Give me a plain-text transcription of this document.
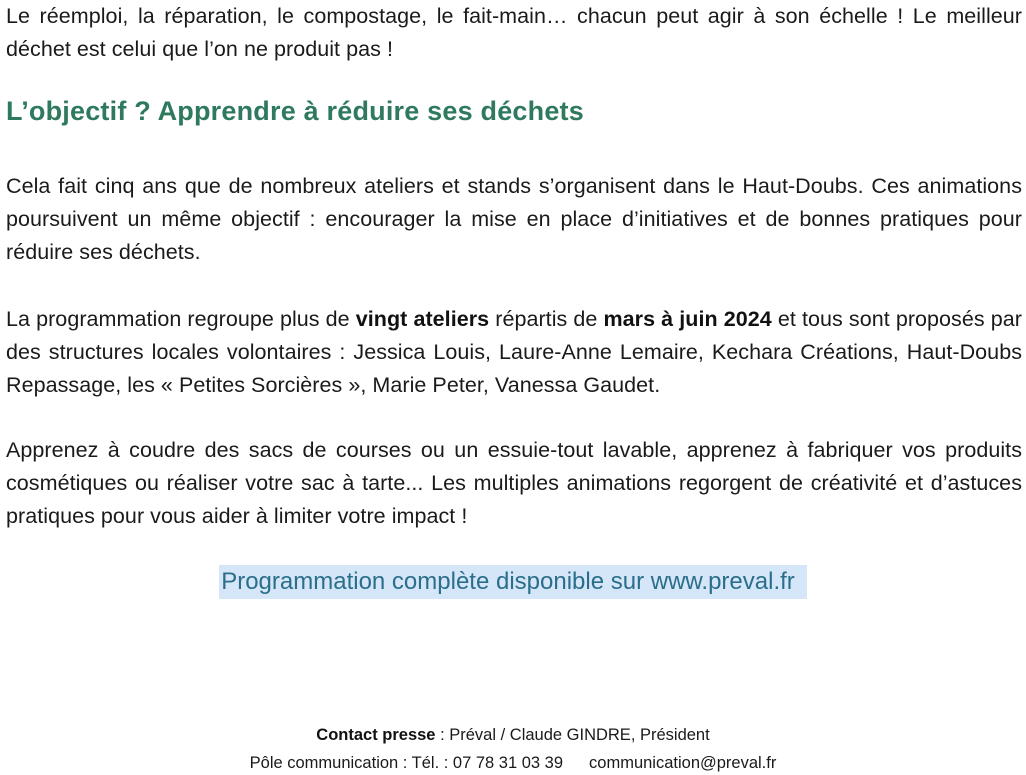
Le réemploi, la réparation, le compostage, le fait-main… chacun peut agir à son échelle ! Le meilleur déchet est celui que l’on ne produit pas !

L’objectif ? Apprendre à réduire ses déchets

Cela fait cinq ans que de nombreux ateliers et stands s’organisent dans le Haut-Doubs. Ces animations poursuivent un même objectif : encourager la mise en place d’initiatives et de bonnes pratiques pour réduire ses déchets.

La programmation regroupe plus de vingt ateliers répartis de mars à juin 2024 et tous sont proposés par des structures locales volontaires : Jessica Louis, Laure-Anne Lemaire, Kechara Créations, Haut-Doubs Repassage, les « Petites Sorcières », Marie Peter, Vanessa Gaudet.

Apprenez à coudre des sacs de courses ou un essuie-tout lavable, apprenez à fabriquer vos produits cosmétiques ou réaliser votre sac à tarte... Les multiples animations regorgent de créativité et d’astuces pratiques pour vous aider à limiter votre impact !

Programmation complète disponible sur www.preval.fr
Contact presse : Préval / Claude GINDRE, Président
Pôle communication : Tél. : 07 78 31 03 39 communication@preval.fr
